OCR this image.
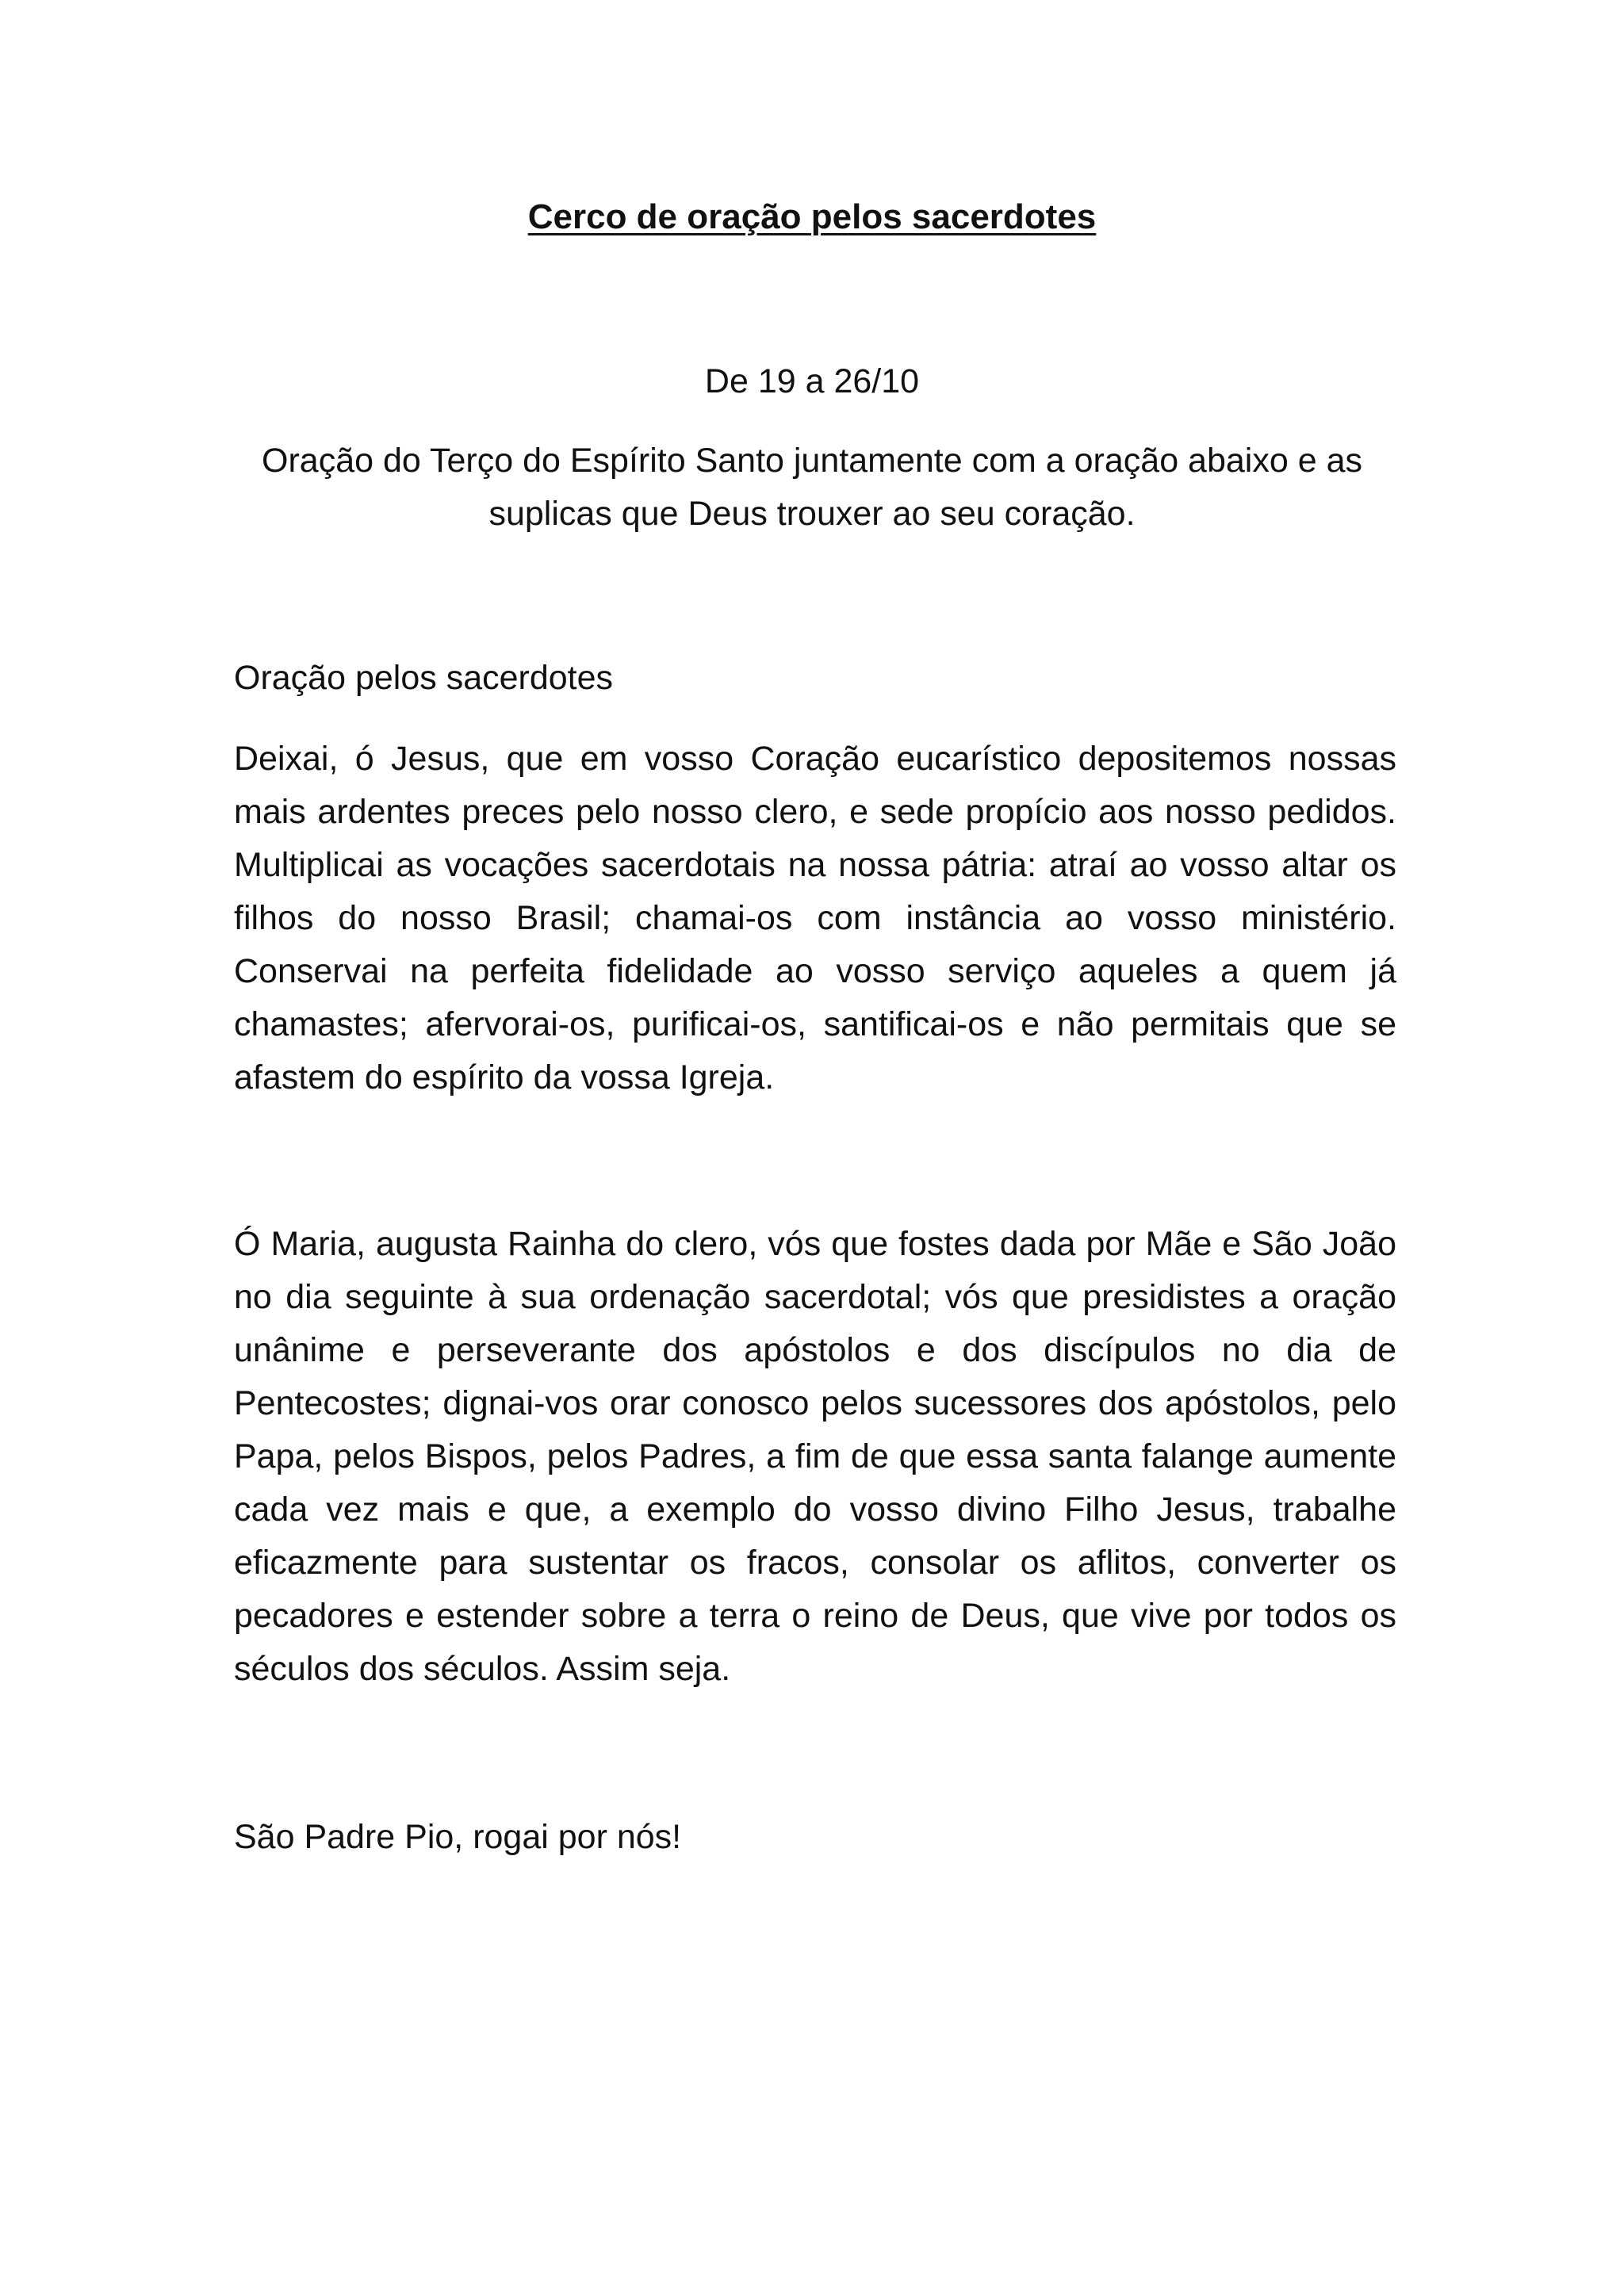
Cerco de oração pelos sacerdotes
De 19 a 26/10
Oração do Terço do Espírito Santo juntamente com a oração abaixo e as suplicas que Deus trouxer ao seu coração.
Oração pelos sacerdotes
Deixai, ó Jesus, que em vosso Coração eucarístico depositemos nossas mais ardentes preces pelo nosso clero, e sede propício aos nosso pedidos. Multiplicai as vocações sacerdotais na nossa pátria: atraí ao vosso altar os filhos do nosso Brasil; chamai-os com instância ao vosso ministério. Conservai na perfeita fidelidade ao vosso serviço aqueles a quem já chamastes; afervorai-os, purificai-os, santificai-os e não permitais que se afastem do espírito da vossa Igreja.
Ó Maria, augusta Rainha do clero, vós que fostes dada por Mãe e São João no dia seguinte à sua ordenação sacerdotal; vós que presidistes a oração unânime e perseverante dos apóstolos e dos discípulos no dia de Pentecostes; dignai-vos orar conosco pelos sucessores dos apóstolos, pelo Papa, pelos Bispos, pelos Padres, a fim de que essa santa falange aumente cada vez mais e que, a exemplo do vosso divino Filho Jesus, trabalhe eficazmente para sustentar os fracos, consolar os aflitos, converter os pecadores e estender sobre a terra o reino de Deus, que vive por todos os séculos dos séculos. Assim seja.
São Padre Pio, rogai por nós!
